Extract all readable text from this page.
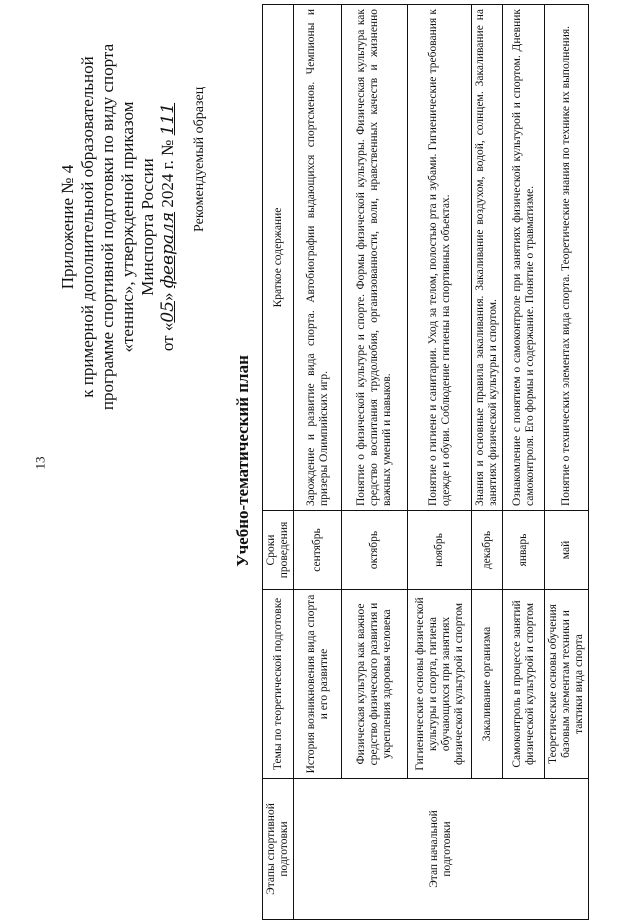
13
Приложение № 4 к примерной дополнительной образовательной программе спортивной подготовки по виду спорта «теннис», утвержденной приказом Минспорта России
от «05» февраля 2024 г. № 111 Рекомендуемый образец
Учебно-тематический план
Этапы спортивной подготовки	Темы по теоретической подготовке	Сроки проведения	Краткое содержание
Этап начальной подготовки	История возникновения вида спорта и его развитие	сентябрь	Зарождение и развитие вида спорта. Автобиографии выдающихся спортсменов. Чемпионы и призеры Олимпийских игр.
	Физическая культура как важное средство физического развития и укрепления здоровья человека	октябрь	Понятие о физической культуре и спорте. Формы физической культуры. Физическая культура как средство воспитания трудолюбия, организованности, воли, нравственных качеств и жизненно важных умений и навыков.
	Гигиенические основы физической культуры и спорта, гигиена обучающихся при занятиях физической культурой и спортом	ноябрь	Понятие о гигиене и санитарии. Уход за телом, полостью рта и зубами. Гигиенические требования к одежде и обуви. Соблюдение гигиены на спортивных объектах.
	Закаливание организма	декабрь	Знания и основные правила закаливания. Закаливание воздухом, водой, солнцем. Закаливание на занятиях физической культуры и спортом.
	Самоконтроль в процессе занятий физической культурой и спортом	январь	Ознакомление с понятием о самоконтроле при занятиях физической культурой и спортом. Дневник самоконтроля. Его формы и содержание. Понятие о травматизме.
	Теоретические основы обучения базовым элементам техники и тактики вида спорта	май	Понятие о технических элементах вида спорта. Теоретические знания по технике их выполнения.
